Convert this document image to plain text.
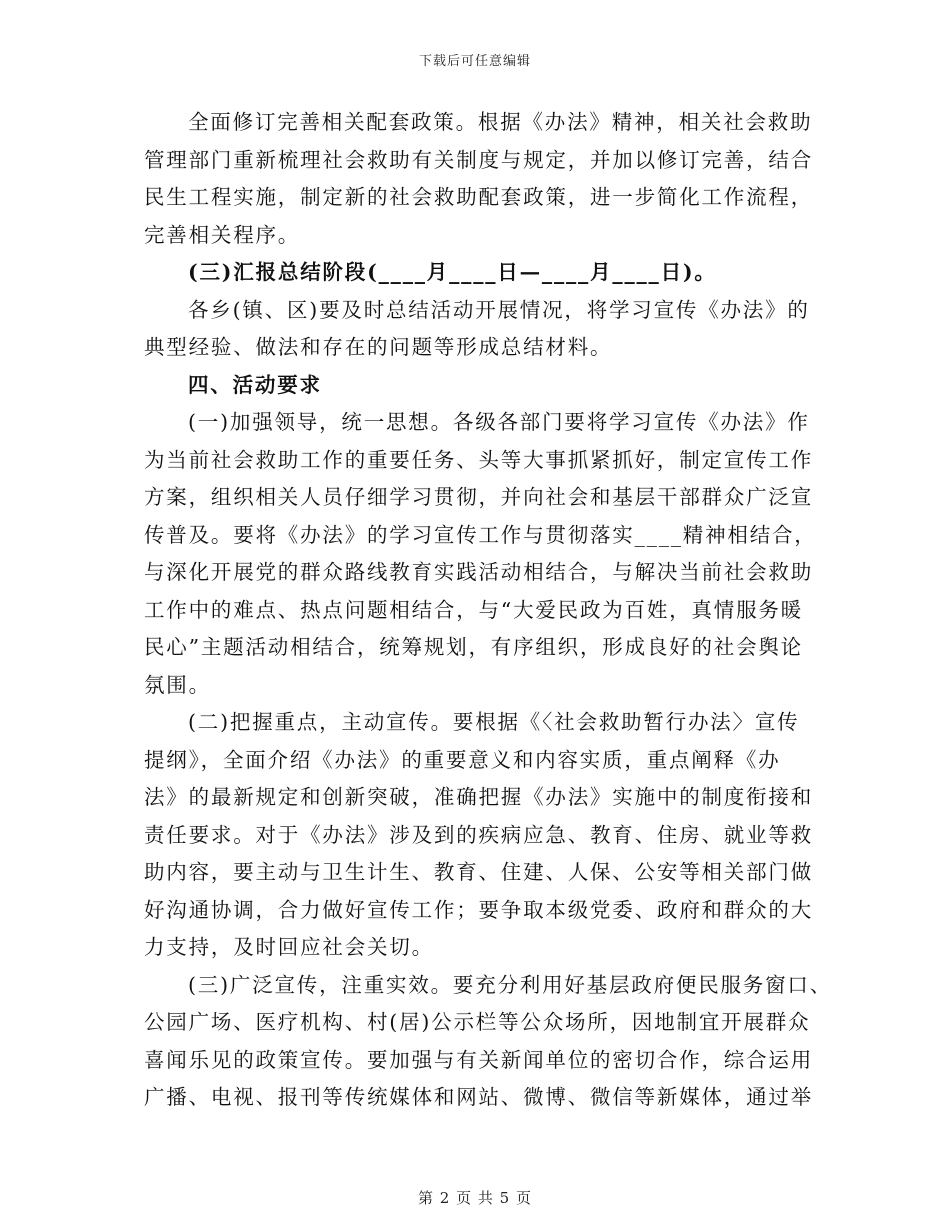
下载后可任意编辑
全面修订完善相关配套政策。根据《办法》精神，相关社会救助
管理部门重新梳理社会救助有关制度与规定，并加以修订完善，结合
民生工程实施，制定新的社会救助配套政策，进一步简化工作流程，
完善相关程序。
(三)汇报总结阶段(____月____日—____月____日)。
各乡(镇、区)要及时总结活动开展情况，将学习宣传《办法》的
典型经验、做法和存在的问题等形成总结材料。
四、活动要求
(一)加强领导，统一思想。各级各部门要将学习宣传《办法》作
为当前社会救助工作的重要任务、头等大事抓紧抓好，制定宣传工作
方案，组织相关人员仔细学习贯彻，并向社会和基层干部群众广泛宣
传普及。要将《办法》的学习宣传工作与贯彻落实____精神相结合，
与深化开展党的群众路线教育实践活动相结合，与解决当前社会救助
工作中的难点、热点问题相结合，与“大爱民政为百姓，真情服务暖
民心”主题活动相结合，统筹规划，有序组织，形成良好的社会舆论
氛围。
(二)把握重点，主动宣传。要根据《〈社会救助暂行办法〉宣传
提纲》，全面介绍《办法》的重要意义和内容实质，重点阐释《办
法》的最新规定和创新突破，准确把握《办法》实施中的制度衔接和
责任要求。对于《办法》涉及到的疾病应急、教育、住房、就业等救
助内容，要主动与卫生计生、教育、住建、人保、公安等相关部门做
好沟通协调，合力做好宣传工作；要争取本级党委、政府和群众的大
力支持，及时回应社会关切。
(三)广泛宣传，注重实效。要充分利用好基层政府便民服务窗口、
公园广场、医疗机构、村(居)公示栏等公众场所，因地制宜开展群众
喜闻乐见的政策宣传。要加强与有关新闻单位的密切合作，综合运用
广播、电视、报刊等传统媒体和网站、微博、微信等新媒体，通过举
第 2 页 共 5 页
